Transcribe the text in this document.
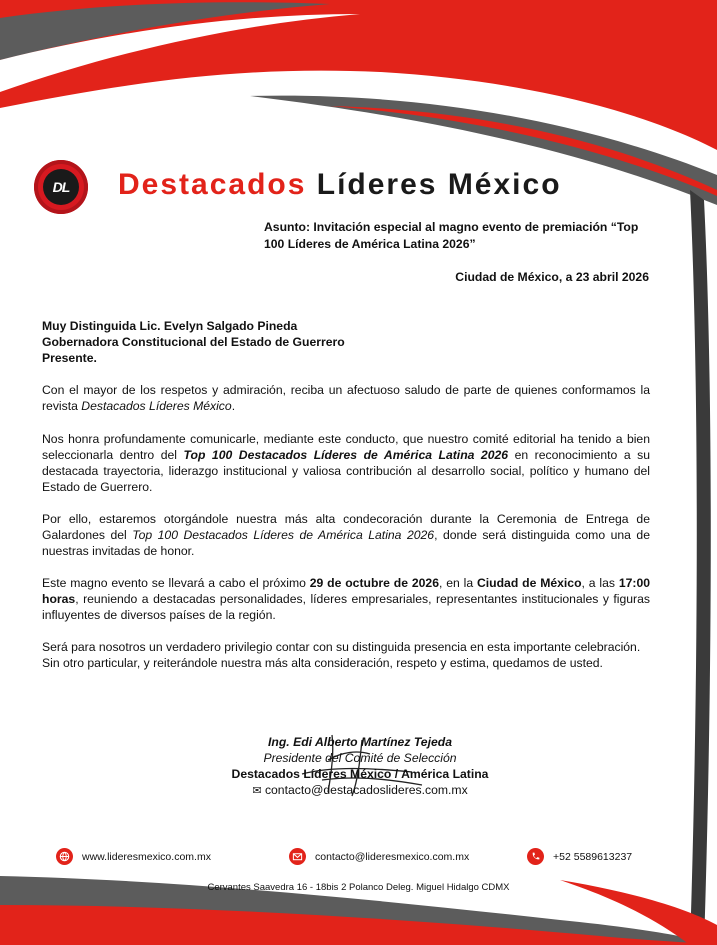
DL	Destacados Líderes México
Asunto: Invitación especial al magno evento de premiación “Top 100 Líderes de América Latina 2026”
Ciudad de México, a 23 abril 2026

Muy Distinguida Lic. Evelyn Salgado Pineda

Gobernadora Constitucional del Estado de Guerrero

Presente.

Con el mayor de los respetos y admiración, reciba un afectuoso saludo de parte de quienes conformamos la revista Destacados Líderes México.

Nos honra profundamente comunicarle, mediante este conducto, que nuestro comité editorial ha tenido a bien seleccionarla dentro del Top 100 Destacados Líderes de América Latina 2026 en reconocimiento a su destacada trayectoria, liderazgo institucional y valiosa contribución al desarrollo social, político y humano del Estado de Guerrero.

Por ello, estaremos otorgándole nuestra más alta condecoración durante la Ceremonia de Entrega de Galardones del Top 100 Destacados Líderes de América Latina 2026, donde será distinguida como una de nuestras invitadas de honor.

Este magno evento se llevará a cabo el próximo 29 de octubre de 2026, en la Ciudad de México, a las 17:00 horas, reuniendo a destacadas personalidades, líderes empresariales, representantes institucionales y figuras influyentes de diversos países de la región.

Será para nosotros un verdadero privilegio contar con su distinguida presencia en esta importante celebración.

Sin otro particular, y reiterándole nuestra más alta consideración, respeto y estima, quedamos de usted.

Ing. Edi Alberto Martínez Tejeda
Presidente del Comité de Selección
Destacados Líderes México / América Latina
✉ contacto@destacadoslideres.com.mx
www.lideresmexico.com.mx	contacto@lideresmexico.com.mx	+52 5589613237
Cervantes Saavedra 16 - 18bis 2 Polanco Deleg. Miguel Hidalgo CDMX
